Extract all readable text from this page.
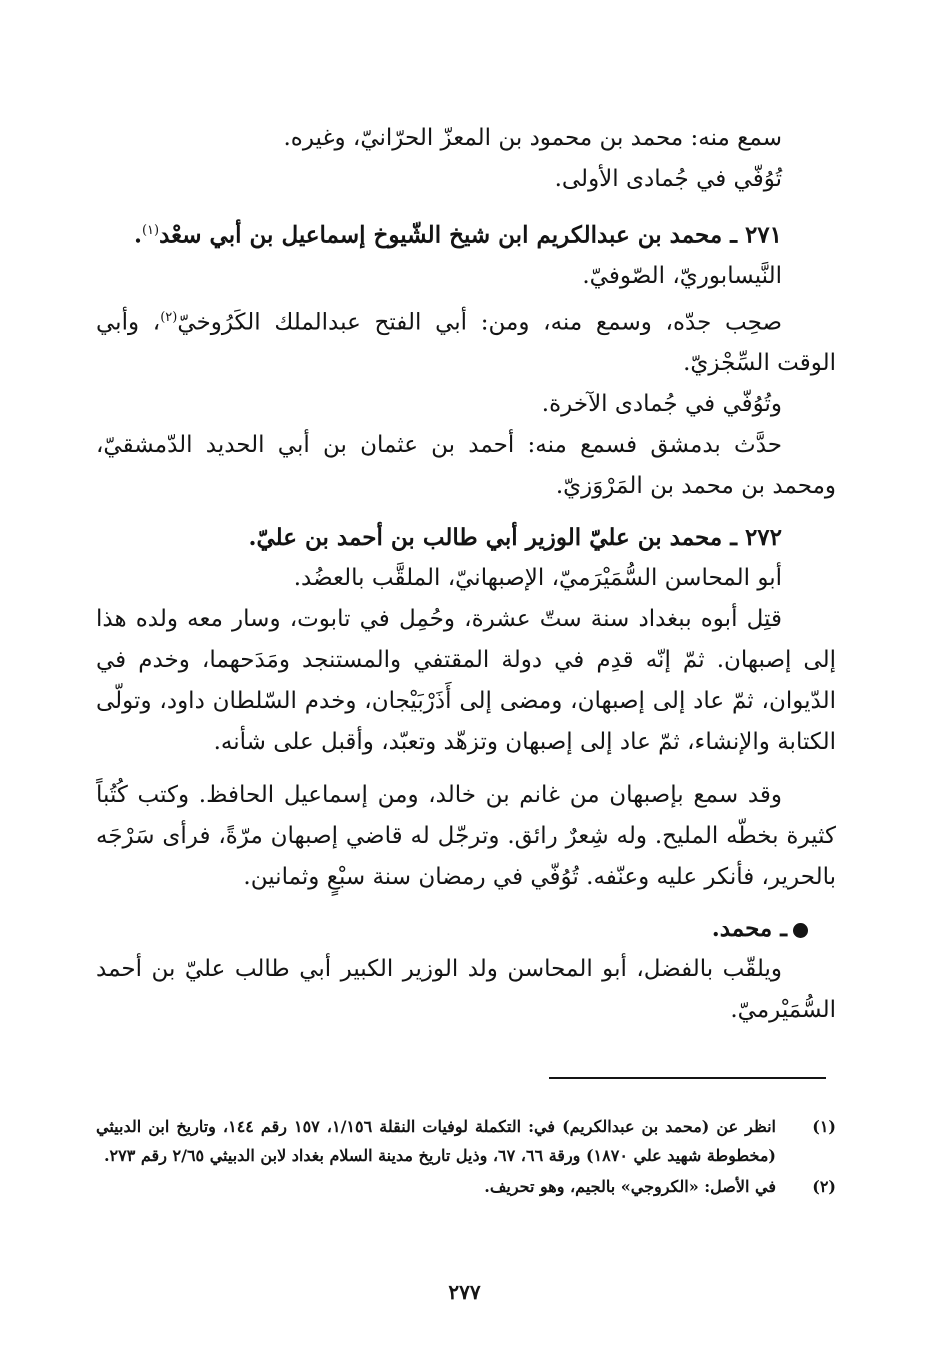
سمع منه: محمد بن محمود بن المعزّ الحرّانيّ، وغيره.

تُوُفّي في جُمادى الأولى.

٢٧١ ـ محمد بن عبدالكريم ابن شيخ الشّيوخ إسماعيل بن أبي سعْد$^{(١)}$.

النَّيسابوريّ، الصّوفيّ.

صحِب جدّه، وسمع منه، ومن: أبي الفتح عبدالملك الكَرُوخيّ$^{(٢)}$، وأبي الوقت السِّجْزيّ.

وتُوُفّي في جُمادى الآخرة.

حدَّث بدمشق فسمع منه: أحمد بن عثمان بن أبي الحديد الدّمشقيّ، ومحمد بن محمد بن المَرْوَزيّ.

٢٧٢ ـ محمد بن عليّ الوزير أبي طالب بن أحمد بن عليّ.

أبو المحاسن السُّمَيْرَميّ، الإصبهانيّ، الملقَّب بالعضُد.

قتِل أبوه ببغداد سنة ستّ عشرة، وحُمِل في تابوت، وسار معه ولده هذا إلى إصبهان. ثمّ إنّه قدِم في دولة المقتفي والمستنجد ومَدَحهما، وخدم في الدّيوان، ثمّ عاد إلى إصبهان، ومضى إلى أَذَرْبَيْجان، وخدم السّلطان داود، وتولّى الكتابة والإنشاء، ثمّ عاد إلى إصبهان وتزهّد وتعبّد، وأقبل على شأنه.

وقد سمع بإصبهان من غانم بن خالد، ومن إسماعيل الحافظ. وكتب كُتُباً كثيرة بخطّه المليح. وله شِعرٌ رائق. وترجّل له قاضي إصبهان مرّةً، فرأى سَرْجَه بالحرير، فأنكر عليه وعنّفه. تُوُفّي في رمضان سنة سبْعٍ وثمانين.

ـ محمد.

ويلقّب بالفضل، أبو المحاسن ولد الوزير الكبير أبي طالب عليّ بن أحمد السُّمَيْرميّ.

(١)
انظر عن (محمد بن عبدالكريم) في: التكملة لوفيات النقلة ١/١٥٦، ١٥٧ رقم ١٤٤، وتاريخ ابن الدبيثي (مخطوطة شهيد علي ١٨٧٠) ورقة ٦٦، ٦٧، وذيل تاريخ مدينة السلام بغداد لابن الدبيثي ٢/٦٥ رقم ٢٧٣.
(٢)
في الأصل: «الكروجي» بالجيم، وهو تحريف.
٢٧٧
